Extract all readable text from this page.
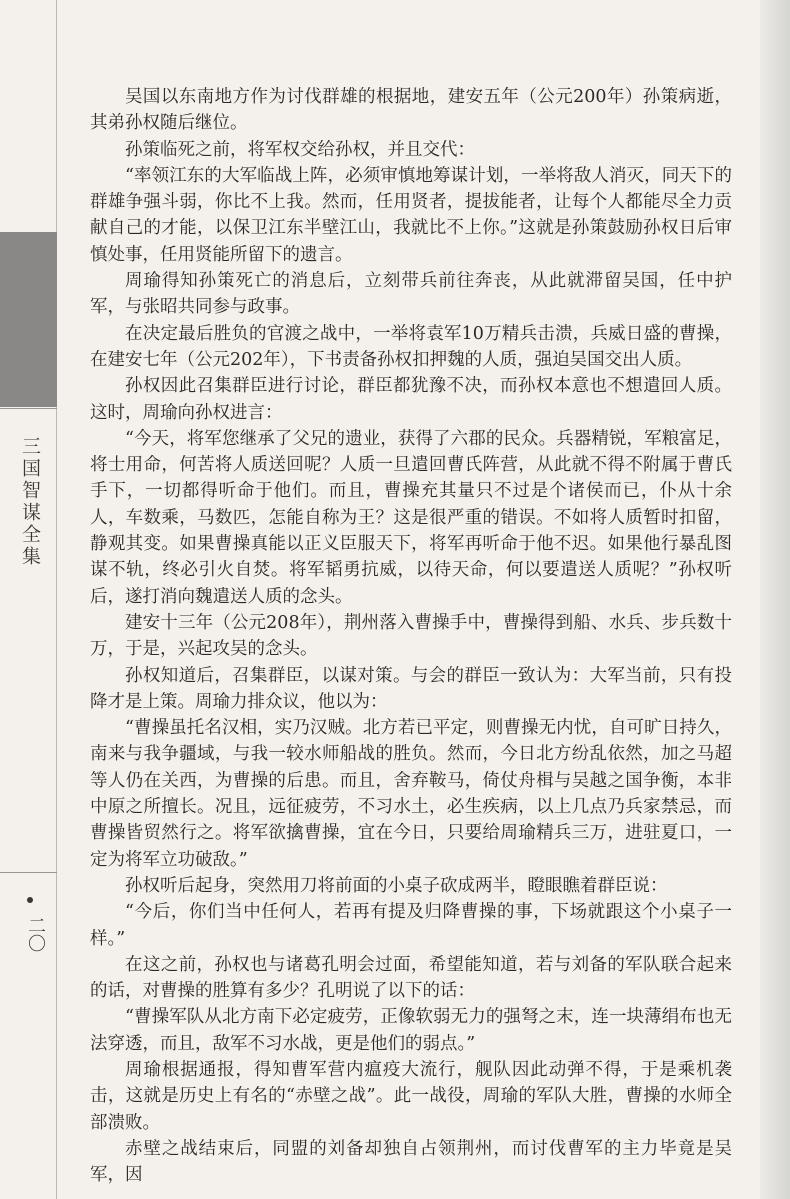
三国智谋全集
二〇

吴国以东南地方作为讨伐群雄的根据地，建安五年（公元200年）孙策病逝，其弟孙权随后继位。

孙策临死之前，将军权交给孙权，并且交代：

“率领江东的大军临战上阵，必须审慎地筹谋计划，一举将敌人消灭，同天下的群雄争强斗弱，你比不上我。然而，任用贤者，提拔能者，让每个人都能尽全力贡献自己的才能，以保卫江东半壁江山，我就比不上你。”这就是孙策鼓励孙权日后审慎处事，任用贤能所留下的遗言。

周瑜得知孙策死亡的消息后，立刻带兵前往奔丧，从此就滞留吴国，任中护军，与张昭共同参与政事。

在决定最后胜负的官渡之战中，一举将袁军10万精兵击溃，兵威日盛的曹操，在建安七年（公元202年），下书责备孙权扣押魏的人质，强迫吴国交出人质。

孙权因此召集群臣进行讨论，群臣都犹豫不决，而孙权本意也不想遣回人质。这时，周瑜向孙权进言：

“今天，将军您继承了父兄的遗业，获得了六郡的民众。兵器精锐，军粮富足，将士用命，何苦将人质送回呢？人质一旦遣回曹氏阵营，从此就不得不附属于曹氏手下，一切都得听命于他们。而且，曹操充其量只不过是个诸侯而已，仆从十余人，车数乘，马数匹，怎能自称为王？这是很严重的错误。不如将人质暂时扣留，静观其变。如果曹操真能以正义臣服天下，将军再听命于他不迟。如果他行暴乱图谋不轨，终必引火自焚。将军韬勇抗威，以待天命，何以要遣送人质呢？”孙权听后，遂打消向魏遣送人质的念头。

建安十三年（公元208年），荆州落入曹操手中，曹操得到船、水兵、步兵数十万，于是，兴起攻吴的念头。

孙权知道后，召集群臣，以谋对策。与会的群臣一致认为：大军当前，只有投降才是上策。周瑜力排众议，他以为：

“曹操虽托名汉相，实乃汉贼。北方若已平定，则曹操无内忧，自可旷日持久，南来与我争疆域，与我一较水师船战的胜负。然而，今日北方纷乱依然，加之马超等人仍在关西，为曹操的后患。而且，舍弃鞍马，倚仗舟楫与吴越之国争衡，本非中原之所擅长。况且，远征疲劳，不习水土，必生疾病，以上几点乃兵家禁忌，而曹操皆贸然行之。将军欲擒曹操，宜在今日，只要给周瑜精兵三万，进驻夏口，一定为将军立功破敌。”

孙权听后起身，突然用刀将前面的小桌子砍成两半，瞪眼瞧着群臣说：

“今后，你们当中任何人，若再有提及归降曹操的事，下场就跟这个小桌子一样。”

在这之前，孙权也与诸葛孔明会过面，希望能知道，若与刘备的军队联合起来的话，对曹操的胜算有多少？孔明说了以下的话：

“曹操军队从北方南下必定疲劳，正像软弱无力的强弩之末，连一块薄绢布也无法穿透，而且，敌军不习水战，更是他们的弱点。”

周瑜根据通报，得知曹军营内瘟疫大流行，舰队因此动弹不得，于是乘机袭击，这就是历史上有名的“赤壁之战”。此一战役，周瑜的军队大胜，曹操的水师全部溃败。

赤壁之战结束后，同盟的刘备却独自占领荆州，而讨伐曹军的主力毕竟是吴军，因
